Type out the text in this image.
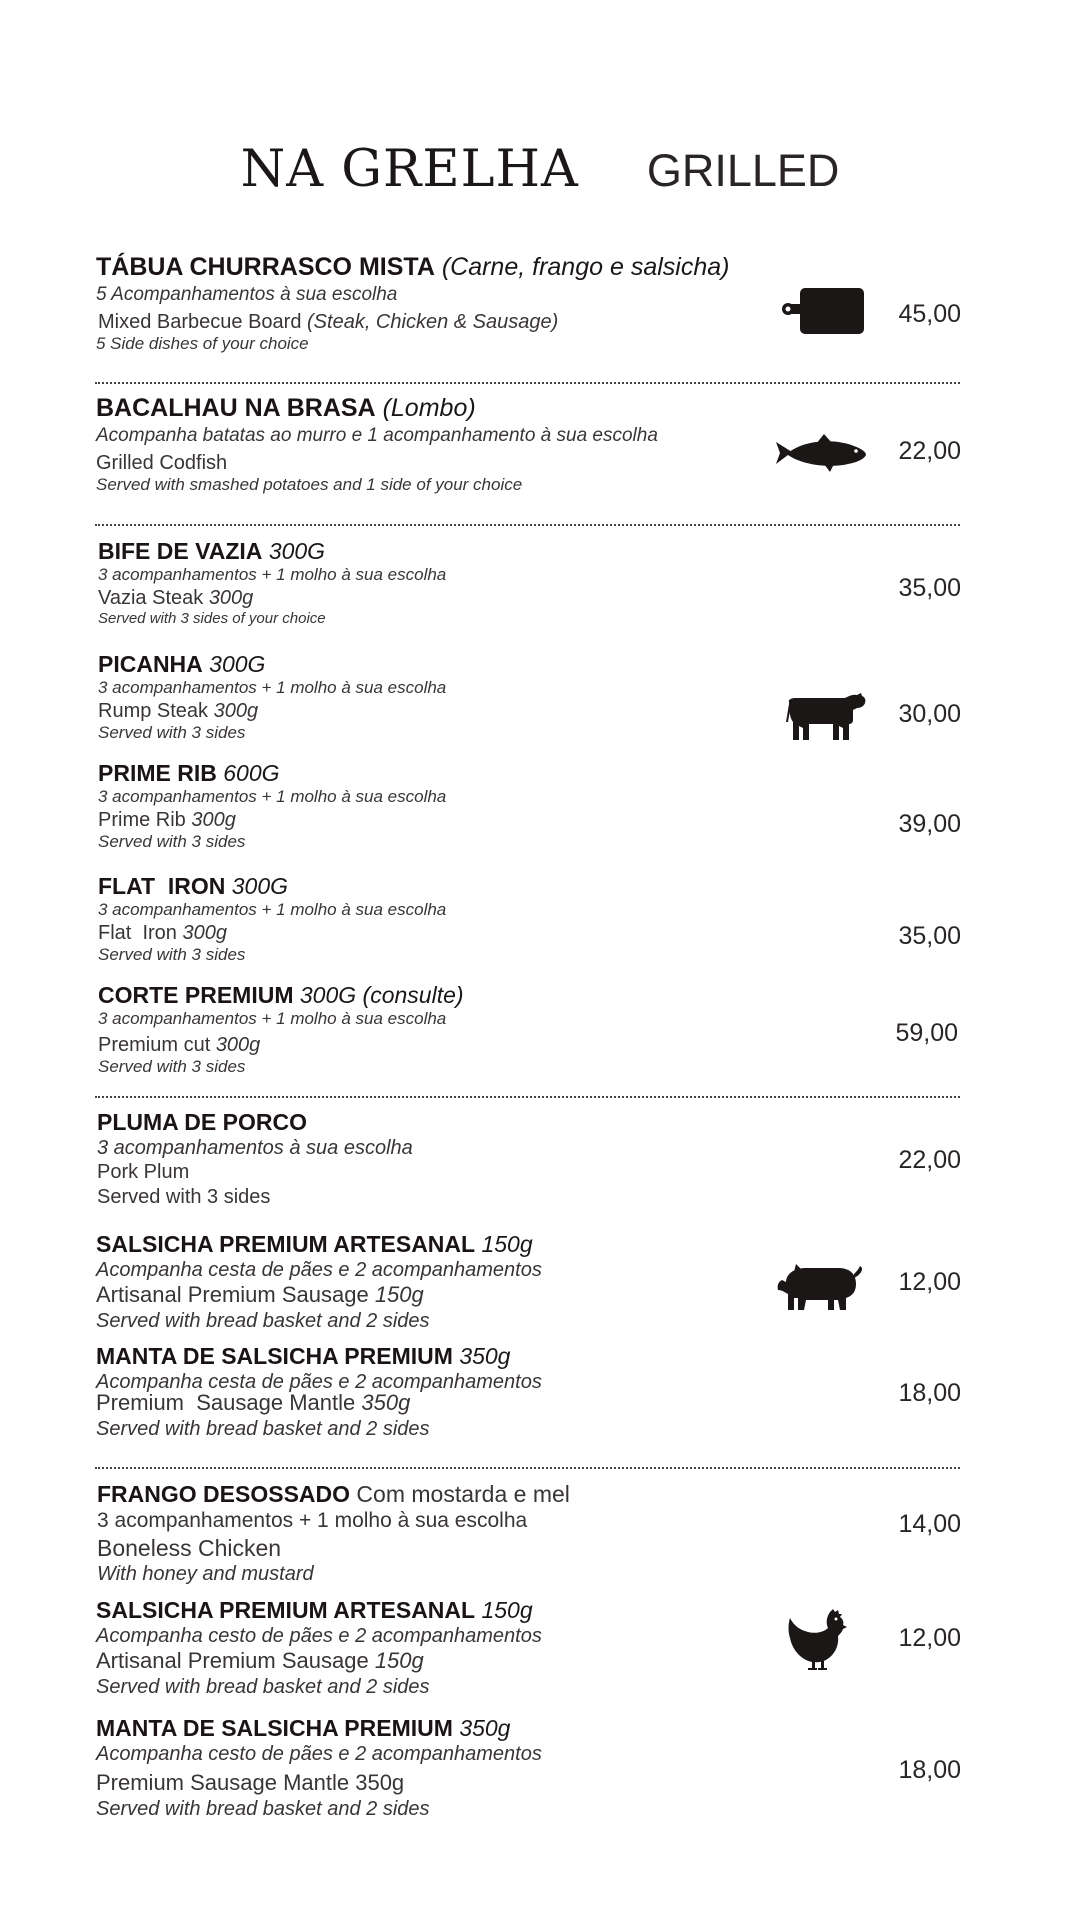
NA GRELHA GRILLED
TÁBUA CHURRASCO MISTA (Carne, frango e salsicha)
5 Acompanhamentos à sua escolha
Mixed Barbecue Board (Steak, Chicken & Sausage)
5 Side dishes of your choice
45,00
BACALHAU NA BRASA (Lombo)
Acompanha batatas ao murro e 1 acompanhamento à sua escolha
Grilled Codfish
Served with smashed potatoes and 1 side of your choice
22,00
BIFE DE VAZIA 300G
3 acompanhamentos + 1 molho à sua escolha
Vazia Steak 300g
Served with 3 sides of your choice
35,00
PICANHA 300G
3 acompanhamentos + 1 molho à sua escolha
Rump Steak 300g
Served with 3 sides
30,00
PRIME RIB 600G
3 acompanhamentos + 1 molho à sua escolha
Prime Rib 300g
Served with 3 sides
39,00
FLAT  IRON 300G
3 acompanhamentos + 1 molho à sua escolha
Flat  Iron 300g
Served with 3 sides
35,00
CORTE PREMIUM 300G (consulte)
3 acompanhamentos + 1 molho à sua escolha
Premium cut 300g
Served with 3 sides
59,00
PLUMA DE PORCO
3 acompanhamentos à sua escolha
Pork Plum
Served with 3 sides
22,00
SALSICHA PREMIUM ARTESANAL 150g
Acompanha cesta de pães e 2 acompanhamentos
Artisanal Premium Sausage 150g
Served with bread basket and 2 sides
12,00
MANTA DE SALSICHA PREMIUM 350g
Acompanha cesta de pães e 2 acompanhamentos
Premium  Sausage Mantle 350g
Served with bread basket and 2 sides
18,00
FRANGO DESOSSADO Com mostarda e mel
3 acompanhamentos + 1 molho à sua escolha
Boneless Chicken
With honey and mustard
14,00
SALSICHA PREMIUM ARTESANAL 150g
Acompanha cesto de pães e 2 acompanhamentos
Artisanal Premium Sausage 150g
Served with bread basket and 2 sides
12,00
MANTA DE SALSICHA PREMIUM 350g
Acompanha cesto de pães e 2 acompanhamentos
Premium Sausage Mantle 350g
Served with bread basket and 2 sides
18,00
